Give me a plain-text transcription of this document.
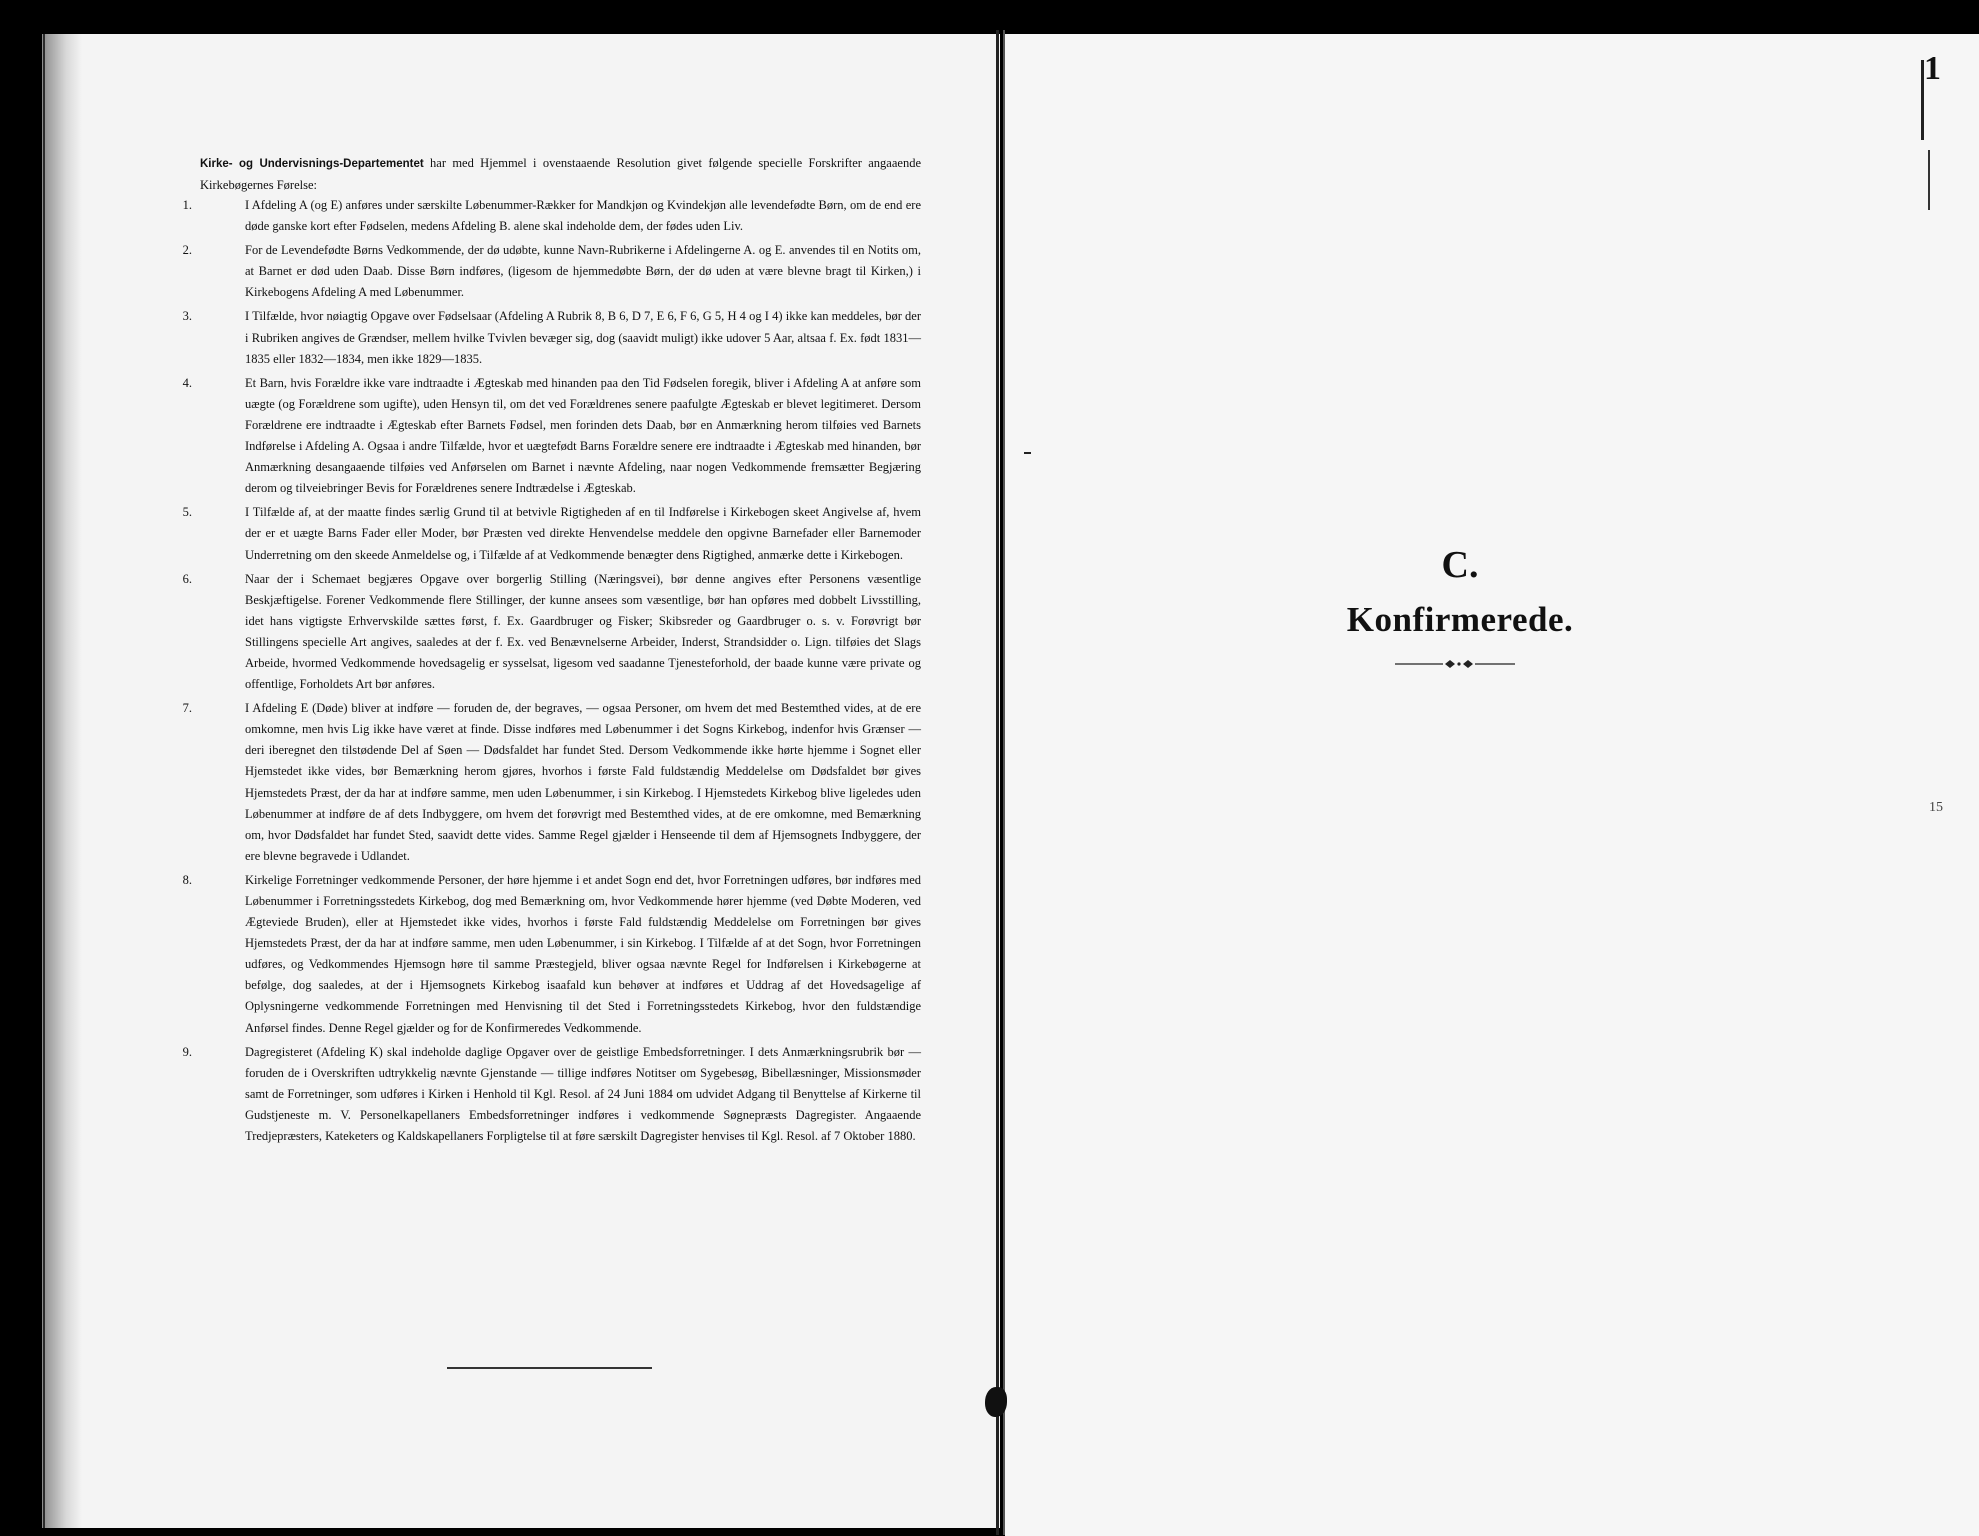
1
15
Kirke- og Undervisnings-Departementet har med Hjemmel i ovenstaaende Resolution givet følgende specielle Forskrifter angaaende Kirkebøgernes Førelse:
1.	I Afdeling A (og E) anføres under særskilte Løbenummer-Rækker for Mandkjøn og Kvindekjøn alle levendefødte Børn, om de end ere døde ganske kort efter Fødselen, medens Afdeling B. alene skal indeholde dem, der fødes uden Liv.
2.	For de Levendefødte Børns Vedkommende, der dø udøbte, kunne Navn-Rubrikerne i Afdelingerne A. og E. anvendes til en Notits om, at Barnet er død uden Daab. Disse Børn indføres, (ligesom de hjemmedøbte Børn, der dø uden at være blevne bragt til Kirken,) i Kirkebogens Afdeling A med Løbenummer.
3.	I Tilfælde, hvor nøiagtig Opgave over Fødselsaar (Afdeling A Rubrik 8, B 6, D 7, E 6, F 6, G 5, H 4 og I 4) ikke kan meddeles, bør der i Rubriken angives de Grændser, mellem hvilke Tvivlen bevæger sig, dog (saavidt muligt) ikke udover 5 Aar, altsaa f. Ex. født 1831—1835 eller 1832—1834, men ikke 1829—1835.
4.	Et Barn, hvis Forældre ikke vare indtraadte i Ægteskab med hinanden paa den Tid Fødselen foregik, bliver i Afdeling A at anføre som uægte (og Forældrene som ugifte), uden Hensyn til, om det ved Forældrenes senere paafulgte Ægteskab er blevet legitimeret. Dersom Forældrene ere indtraadte i Ægteskab efter Barnets Fødsel, men forinden dets Daab, bør en Anmærkning herom tilføies ved Barnets Indførelse i Afdeling A. Ogsaa i andre Tilfælde, hvor et uægtefødt Barns Forældre senere ere indtraadte i Ægteskab med hinanden, bør Anmærkning desangaaende tilføies ved Anførselen om Barnet i nævnte Afdeling, naar nogen Vedkommende fremsætter Begjæring derom og tilveiebringer Bevis for Forældrenes senere Indtrædelse i Ægteskab.
5.	I Tilfælde af, at der maatte findes særlig Grund til at betvivle Rigtigheden af en til Indførelse i Kirkebogen skeet Angivelse af, hvem der er et uægte Barns Fader eller Moder, bør Præsten ved direkte Henvendelse meddele den opgivne Barnefader eller Barnemoder Underretning om den skeede Anmeldelse og, i Tilfælde af at Vedkommende benægter dens Rigtighed, anmærke dette i Kirkebogen.
6.	Naar der i Schemaet begjæres Opgave over borgerlig Stilling (Næringsvei), bør denne angives efter Personens væsentlige Beskjæftigelse. Forener Vedkommende flere Stillinger, der kunne ansees som væsentlige, bør han opføres med dobbelt Livsstilling, idet hans vigtigste Erhvervskilde sættes først, f. Ex. Gaardbruger og Fisker; Skibsreder og Gaardbruger o. s. v. Forøvrigt bør Stillingens specielle Art angives, saaledes at der f. Ex. ved Benævnelserne Arbeider, Inderst, Strandsidder o. Lign. tilføies det Slags Arbeide, hvormed Vedkommende hovedsagelig er sysselsat, ligesom ved saadanne Tjenesteforhold, der baade kunne være private og offentlige, Forholdets Art bør anføres.
7.	I Afdeling E (Døde) bliver at indføre — foruden de, der begraves, — ogsaa Personer, om hvem det med Bestemthed vides, at de ere omkomne, men hvis Lig ikke have været at finde. Disse indføres med Løbenummer i det Sogns Kirkebog, indenfor hvis Grænser — deri iberegnet den tilstødende Del af Søen — Dødsfaldet har fundet Sted. Dersom Vedkommende ikke hørte hjemme i Sognet eller Hjemstedet ikke vides, bør Bemærkning herom gjøres, hvorhos i første Fald fuldstændig Meddelelse om Dødsfaldet bør gives Hjemstedets Præst, der da har at indføre samme, men uden Løbenummer, i sin Kirkebog. I Hjemstedets Kirkebog blive ligeledes uden Løbenummer at indføre de af dets Indbyggere, om hvem det forøvrigt med Bestemthed vides, at de ere omkomne, med Bemærkning om, hvor Dødsfaldet har fundet Sted, saavidt dette vides. Samme Regel gjælder i Henseende til dem af Hjemsognets Indbyggere, der ere blevne begravede i Udlandet.
8.	Kirkelige Forretninger vedkommende Personer, der høre hjemme i et andet Sogn end det, hvor Forretningen udføres, bør indføres med Løbenummer i Forretningsstedets Kirkebog, dog med Bemærkning om, hvor Vedkommende hører hjemme (ved Døbte Moderen, ved Ægteviede Bruden), eller at Hjemstedet ikke vides, hvorhos i første Fald fuldstændig Meddelelse om Forretningen bør gives Hjemstedets Præst, der da har at indføre samme, men uden Løbenummer, i sin Kirkebog. I Tilfælde af at det Sogn, hvor Forretningen udføres, og Vedkommendes Hjemsogn høre til samme Præstegjeld, bliver ogsaa nævnte Regel for Indførelsen i Kirkebøgerne at befølge, dog saaledes, at der i Hjemsognets Kirkebog isaafald kun behøver at indføres et Uddrag af det Hovedsagelige af Oplysningerne vedkommende Forretningen med Henvisning til det Sted i Forretningsstedets Kirkebog, hvor den fuldstændige Anførsel findes. Denne Regel gjælder og for de Konfirmeredes Vedkommende.
9.	Dagregisteret (Afdeling K) skal indeholde daglige Opgaver over de geistlige Embedsforretninger. I dets Anmærkningsrubrik bør — foruden de i Overskriften udtrykkelig nævnte Gjenstande — tillige indføres Notitser om Sygebesøg, Bibellæsninger, Missionsmøder samt de Forretninger, som udføres i Kirken i Henhold til Kgl. Resol. af 24 Juni 1884 om udvidet Adgang til Benyttelse af Kirkerne til Gudstjeneste m. V. Personelkapellaners Embedsforretninger indføres i vedkommende Søgnepræsts Dagregister. Angaaende Tredjepræsters, Kateketers og Kaldskapellaners Forpligtelse til at føre særskilt Dagregister henvises til Kgl. Resol. af 7 Oktober 1880.
C.
Konfirmerede.
